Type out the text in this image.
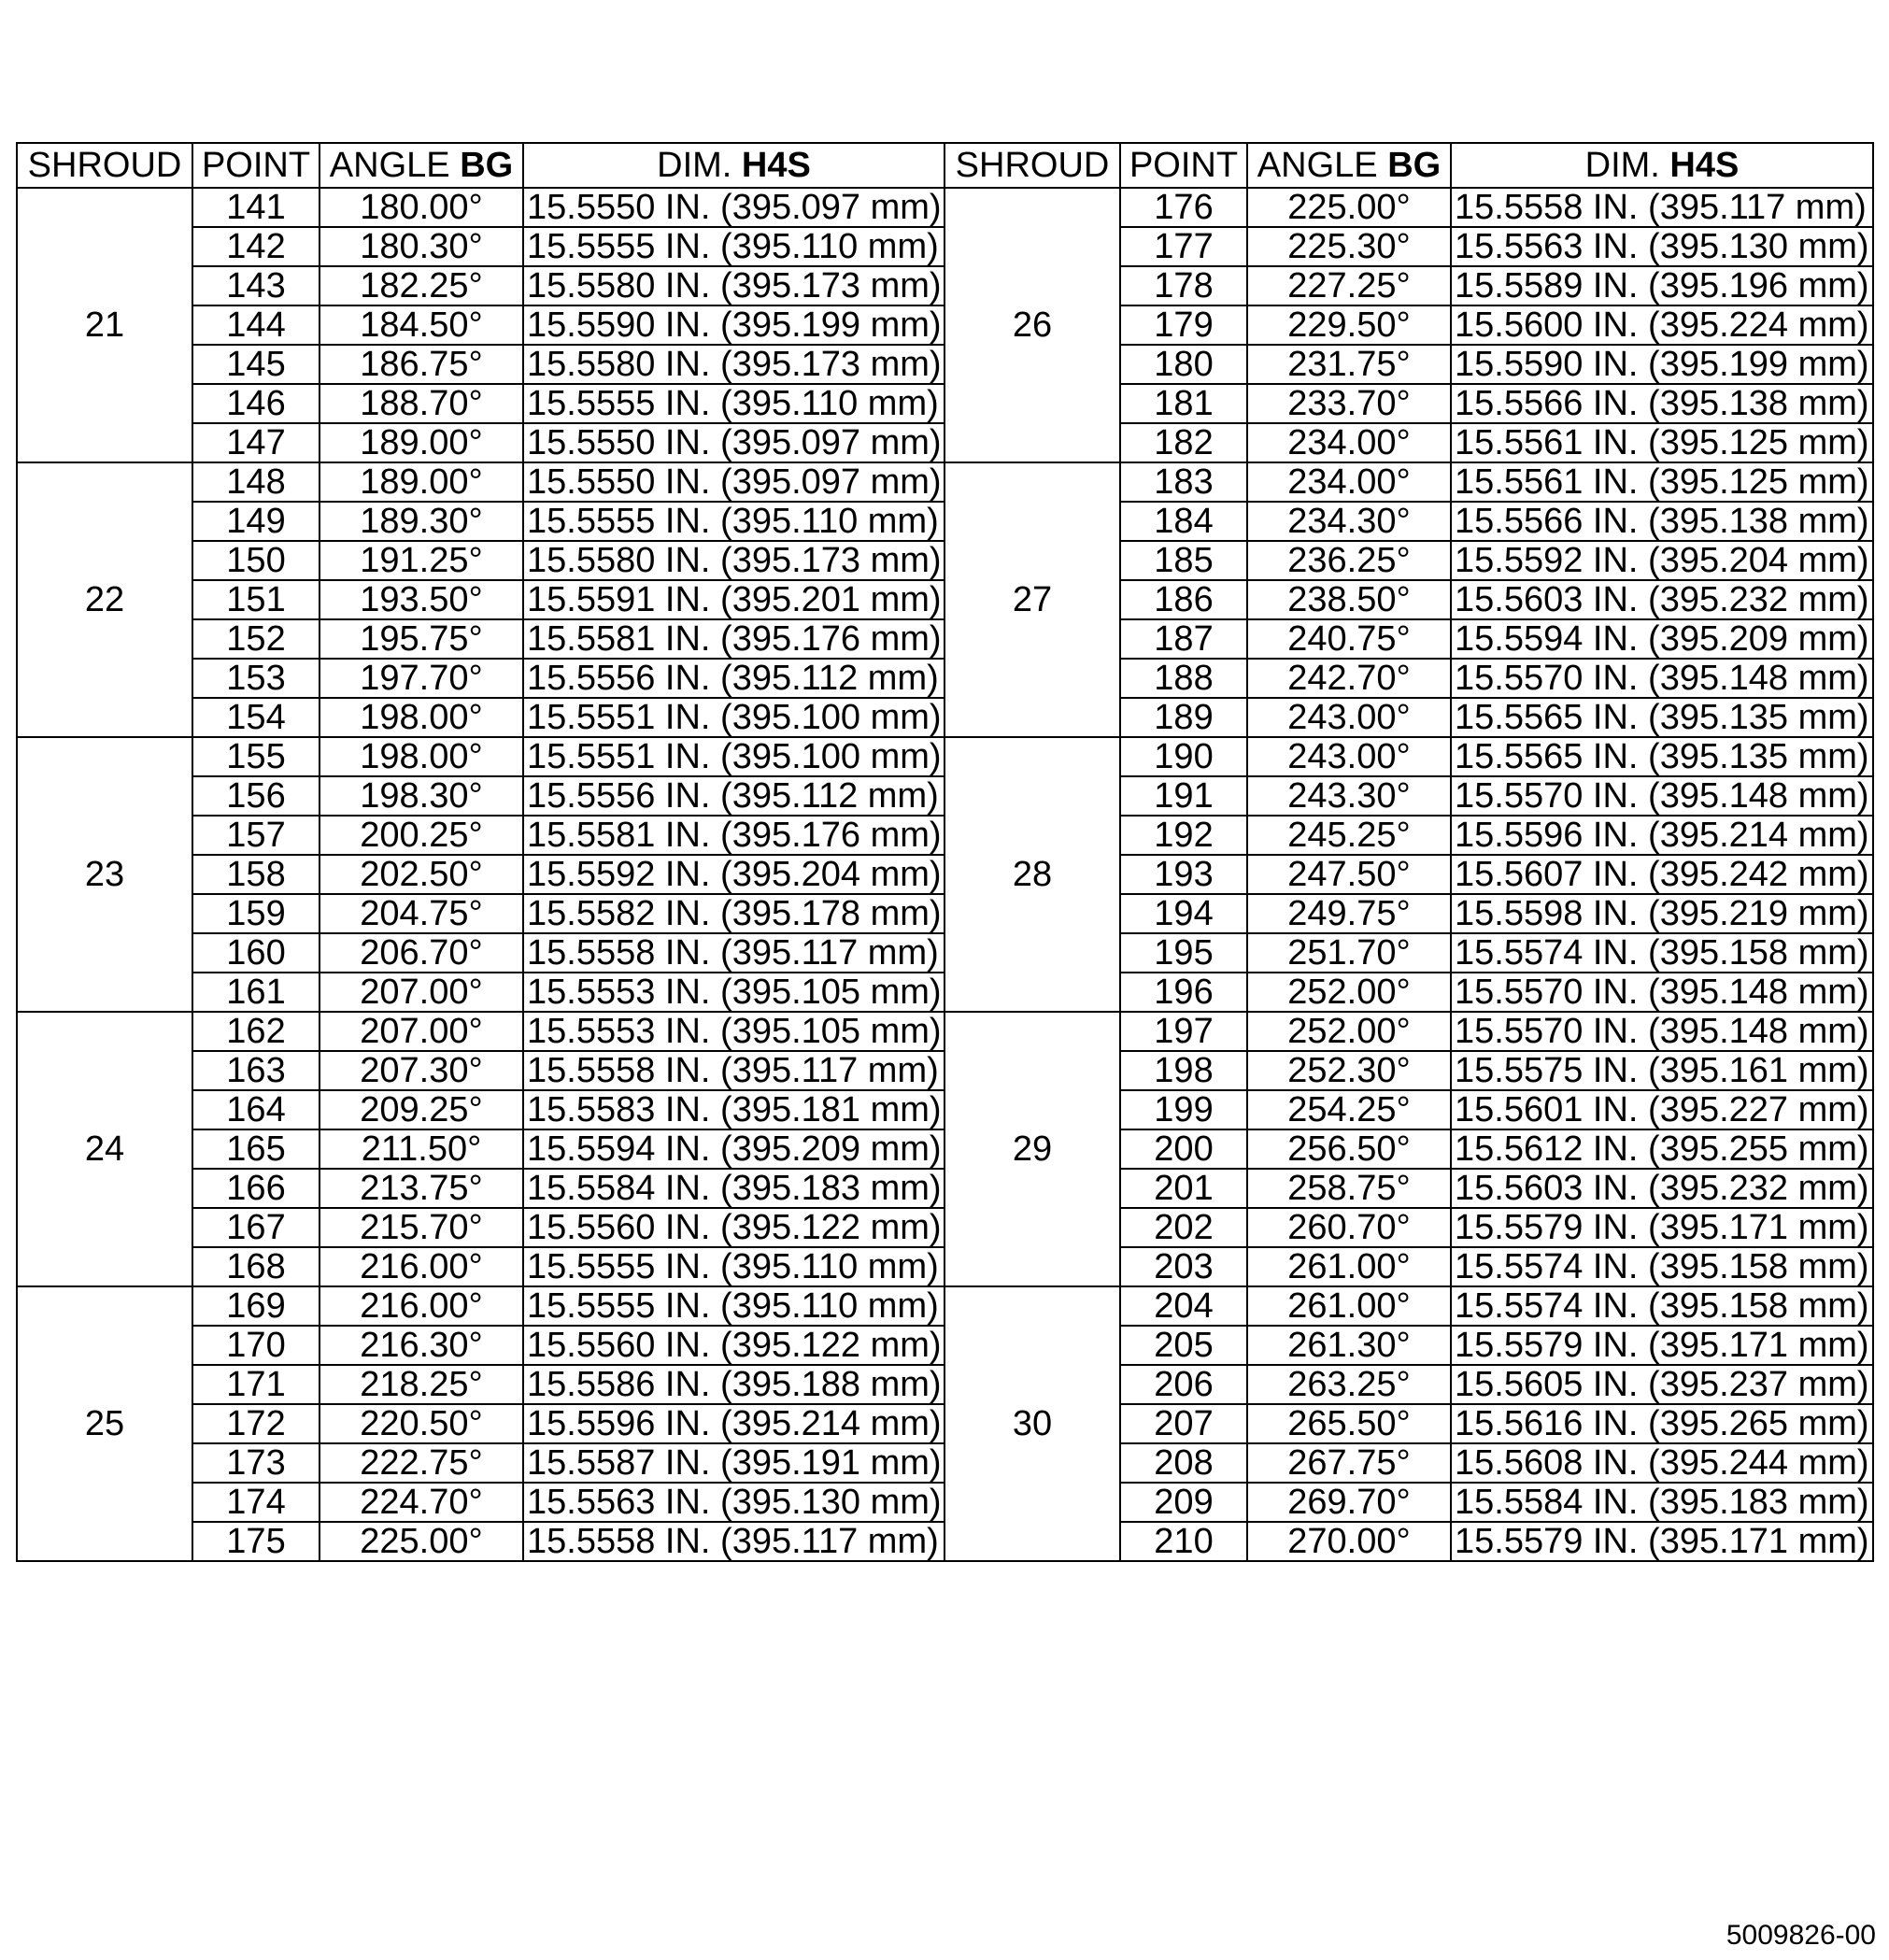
SHROUD	POINT	ANGLE BG	DIM. H4S	SHROUD	POINT	ANGLE BG	DIM. H4S
21	141	180.00°	15.5550 IN. (395.097 mm)	26	176	225.00°	15.5558 IN. (395.117 mm)
	142	180.30°	15.5555 IN. (395.110 mm)		177	225.30°	15.5563 IN. (395.130 mm)
	143	182.25°	15.5580 IN. (395.173 mm)		178	227.25°	15.5589 IN. (395.196 mm)
	144	184.50°	15.5590 IN. (395.199 mm)		179	229.50°	15.5600 IN. (395.224 mm)
	145	186.75°	15.5580 IN. (395.173 mm)		180	231.75°	15.5590 IN. (395.199 mm)
	146	188.70°	15.5555 IN. (395.110 mm)		181	233.70°	15.5566 IN. (395.138 mm)
	147	189.00°	15.5550 IN. (395.097 mm)		182	234.00°	15.5561 IN. (395.125 mm)
22	148	189.00°	15.5550 IN. (395.097 mm)	27	183	234.00°	15.5561 IN. (395.125 mm)
	149	189.30°	15.5555 IN. (395.110 mm)		184	234.30°	15.5566 IN. (395.138 mm)
	150	191.25°	15.5580 IN. (395.173 mm)		185	236.25°	15.5592 IN. (395.204 mm)
	151	193.50°	15.5591 IN. (395.201 mm)		186	238.50°	15.5603 IN. (395.232 mm)
	152	195.75°	15.5581 IN. (395.176 mm)		187	240.75°	15.5594 IN. (395.209 mm)
	153	197.70°	15.5556 IN. (395.112 mm)		188	242.70°	15.5570 IN. (395.148 mm)
	154	198.00°	15.5551 IN. (395.100 mm)		189	243.00°	15.5565 IN. (395.135 mm)
23	155	198.00°	15.5551 IN. (395.100 mm)	28	190	243.00°	15.5565 IN. (395.135 mm)
	156	198.30°	15.5556 IN. (395.112 mm)		191	243.30°	15.5570 IN. (395.148 mm)
	157	200.25°	15.5581 IN. (395.176 mm)		192	245.25°	15.5596 IN. (395.214 mm)
	158	202.50°	15.5592 IN. (395.204 mm)		193	247.50°	15.5607 IN. (395.242 mm)
	159	204.75°	15.5582 IN. (395.178 mm)		194	249.75°	15.5598 IN. (395.219 mm)
	160	206.70°	15.5558 IN. (395.117 mm)		195	251.70°	15.5574 IN. (395.158 mm)
	161	207.00°	15.5553 IN. (395.105 mm)		196	252.00°	15.5570 IN. (395.148 mm)
24	162	207.00°	15.5553 IN. (395.105 mm)	29	197	252.00°	15.5570 IN. (395.148 mm)
	163	207.30°	15.5558 IN. (395.117 mm)		198	252.30°	15.5575 IN. (395.161 mm)
	164	209.25°	15.5583 IN. (395.181 mm)		199	254.25°	15.5601 IN. (395.227 mm)
	165	211.50°	15.5594 IN. (395.209 mm)		200	256.50°	15.5612 IN. (395.255 mm)
	166	213.75°	15.5584 IN. (395.183 mm)		201	258.75°	15.5603 IN. (395.232 mm)
	167	215.70°	15.5560 IN. (395.122 mm)		202	260.70°	15.5579 IN. (395.171 mm)
	168	216.00°	15.5555 IN. (395.110 mm)		203	261.00°	15.5574 IN. (395.158 mm)
25	169	216.00°	15.5555 IN. (395.110 mm)	30	204	261.00°	15.5574 IN. (395.158 mm)
	170	216.30°	15.5560 IN. (395.122 mm)		205	261.30°	15.5579 IN. (395.171 mm)
	171	218.25°	15.5586 IN. (395.188 mm)		206	263.25°	15.5605 IN. (395.237 mm)
	172	220.50°	15.5596 IN. (395.214 mm)		207	265.50°	15.5616 IN. (395.265 mm)
	173	222.75°	15.5587 IN. (395.191 mm)		208	267.75°	15.5608 IN. (395.244 mm)
	174	224.70°	15.5563 IN. (395.130 mm)		209	269.70°	15.5584 IN. (395.183 mm)
	175	225.00°	15.5558 IN. (395.117 mm)		210	270.00°	15.5579 IN. (395.171 mm)
5009826-00
